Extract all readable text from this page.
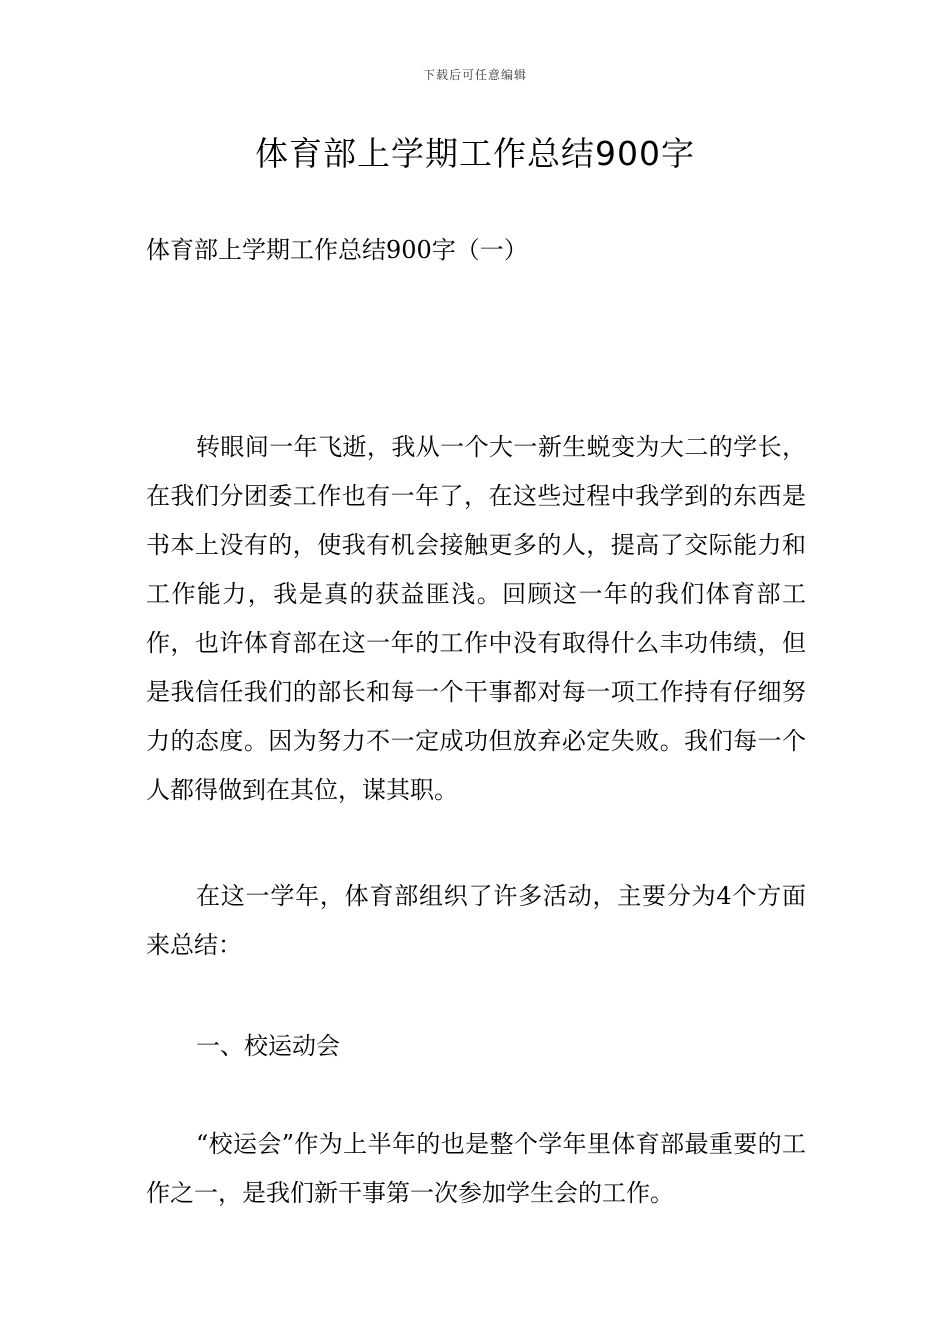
下载后可任意编辑
体育部上学期工作总结900字
体育部上学期工作总结900字（一）

转眼间一年飞逝，我从一个大一新生蜕变为大二的学长，在我们分团委工作也有一年了，在这些过程中我学到的东西是书本上没有的，使我有机会接触更多的人，提高了交际能力和工作能力，我是真的获益匪浅。回顾这一年的我们体育部工作，也许体育部在这一年的工作中没有取得什么丰功伟绩，但是我信任我们的部长和每一个干事都对每一项工作持有仔细努力的态度。因为努力不一定成功但放弃必定失败。我们每一个人都得做到在其位，谋其职。

在这一学年，体育部组织了许多活动，主要分为4个方面来总结：

一、校运动会

“校运会”作为上半年的也是整个学年里体育部最重要的工作之一，是我们新干事第一次参加学生会的工作。
